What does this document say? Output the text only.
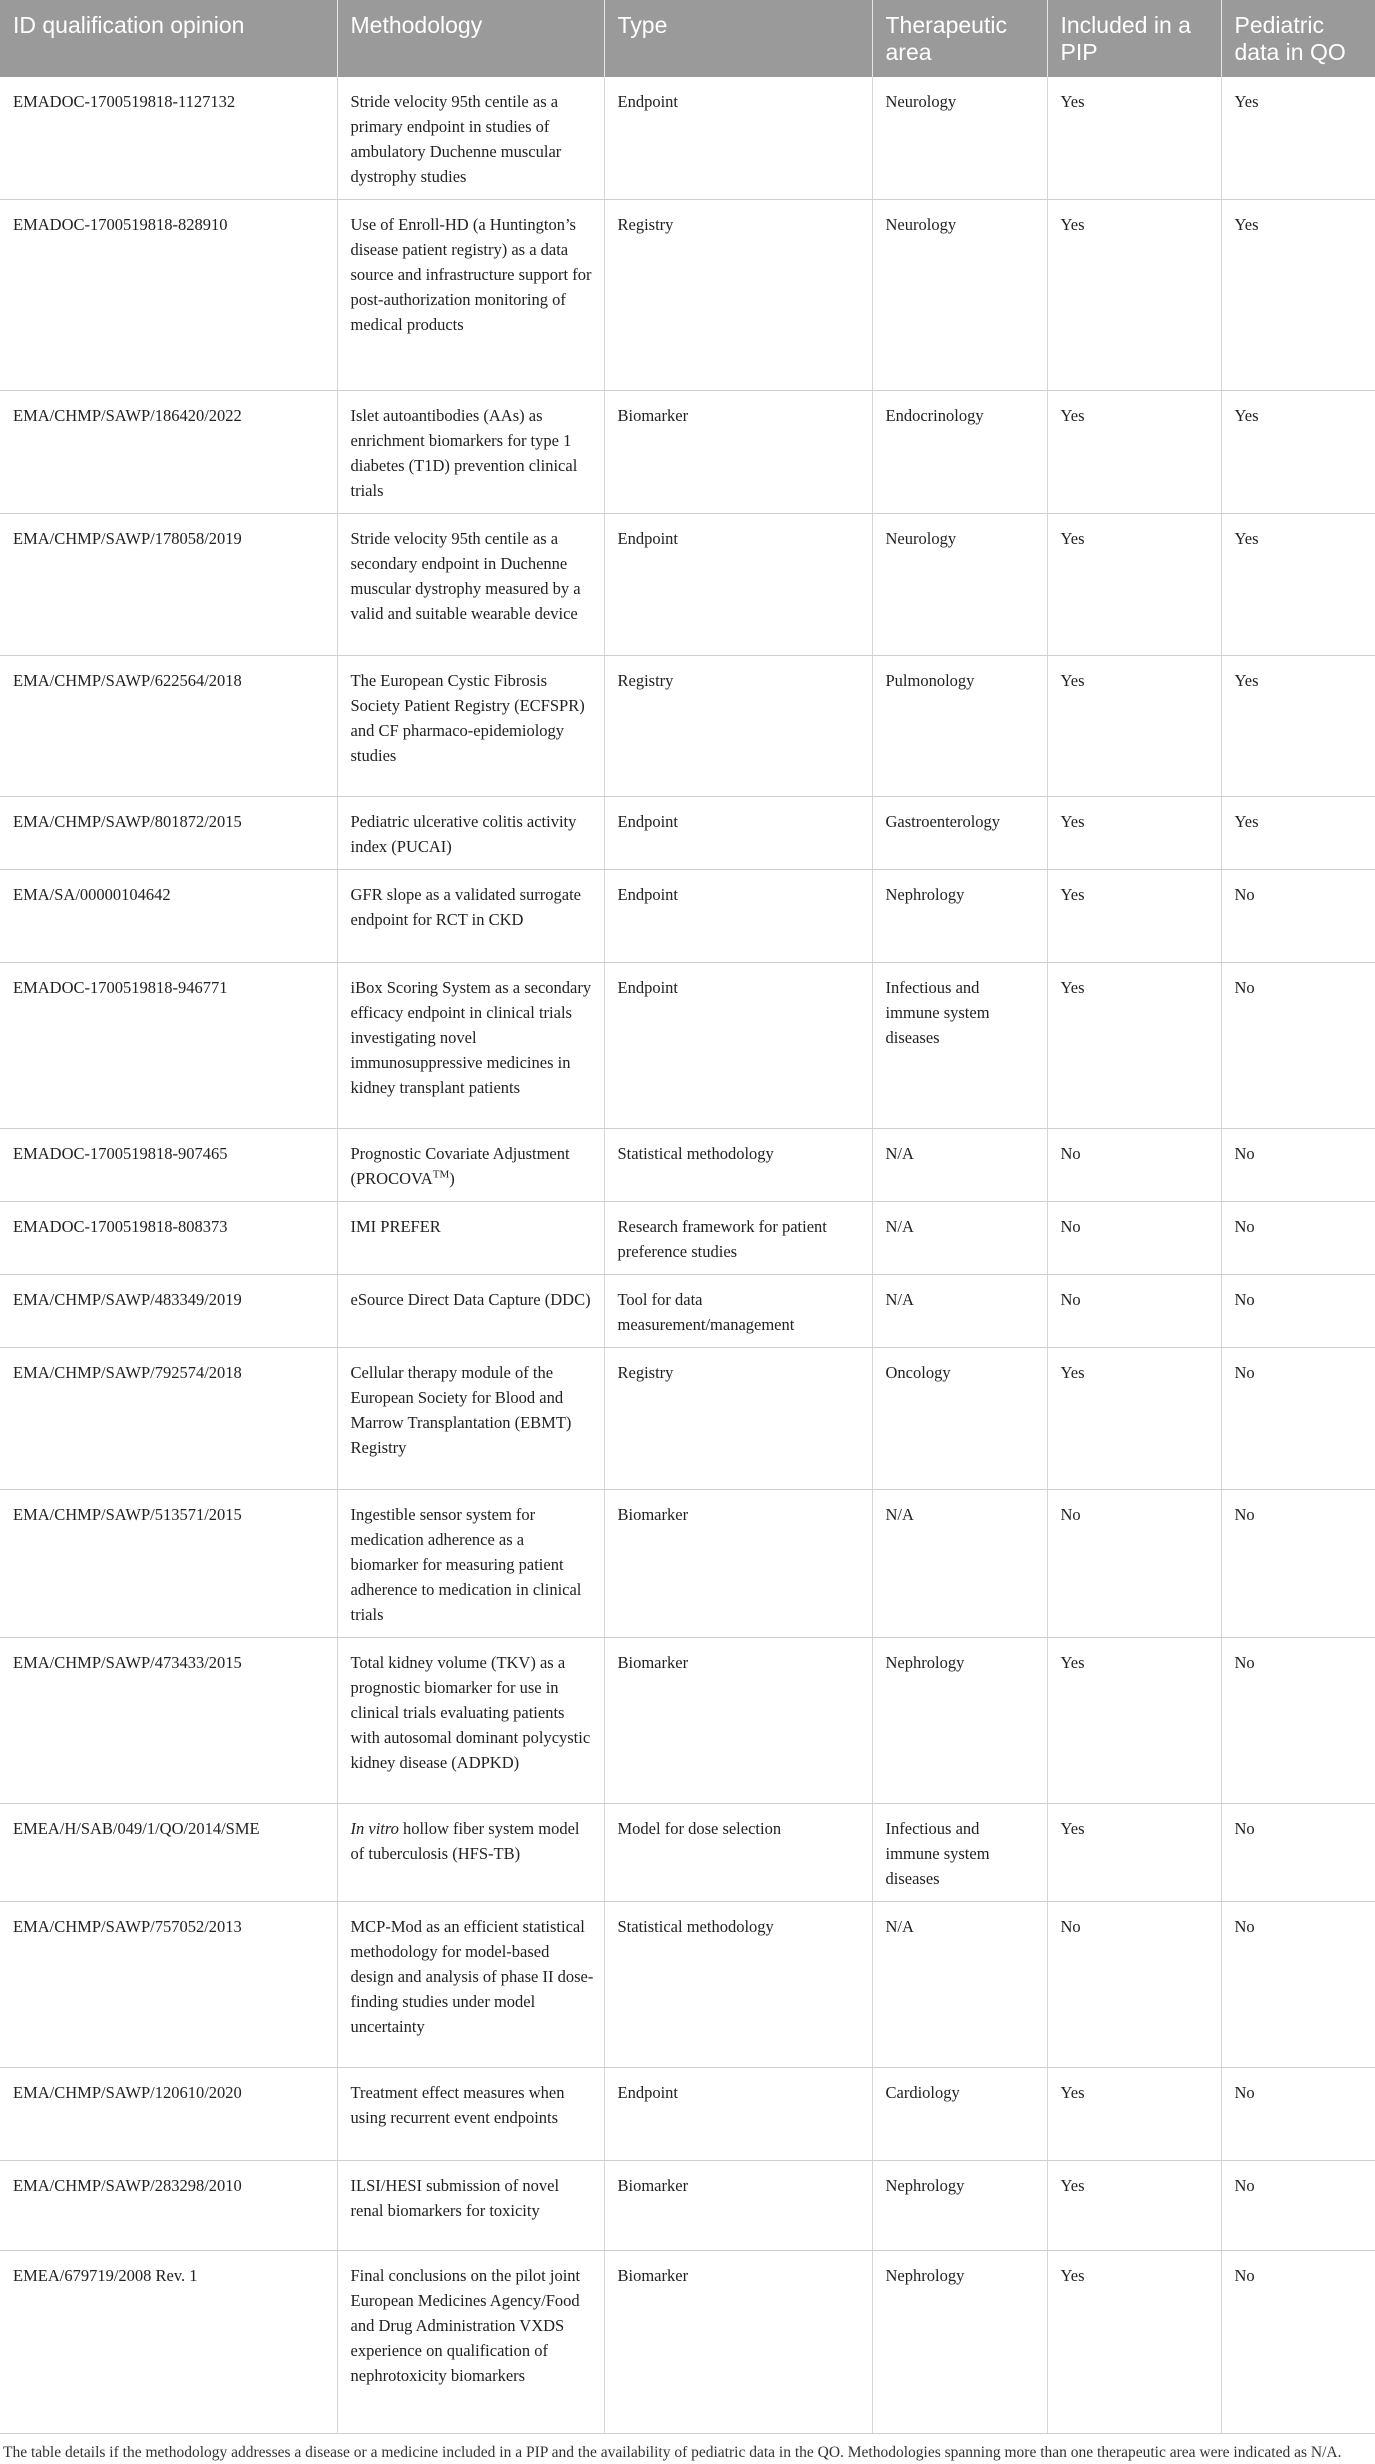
ID qualification opinion	Methodology	Type	Therapeutic area	Included in a PIP	Pediatric data in QO
EMADOC-1700519818-1127132	Stride velocity 95th centile as a primary endpoint in studies of ambulatory Duchenne muscular dystrophy studies	Endpoint	Neurology	Yes	Yes
EMADOC-1700519818-828910	Use of Enroll-HD (a Huntington’s disease patient registry) as a data source and infrastructure support for post-authorization monitoring of medical products	Registry	Neurology	Yes	Yes
EMA/CHMP/SAWP/186420/2022	Islet autoantibodies (AAs) as enrichment biomarkers for type 1 diabetes (T1D) prevention clinical trials	Biomarker	Endocrinology	Yes	Yes
EMA/CHMP/SAWP/178058/2019	Stride velocity 95th centile as a secondary endpoint in Duchenne muscular dystrophy measured by a valid and suitable wearable device	Endpoint	Neurology	Yes	Yes
EMA/CHMP/SAWP/622564/2018	The European Cystic Fibrosis Society Patient Registry (ECFSPR) and CF pharmaco-epidemiology studies	Registry	Pulmonology	Yes	Yes
EMA/CHMP/SAWP/801872/2015	Pediatric ulcerative colitis activity index (PUCAI)	Endpoint	Gastroenterology	Yes	Yes
EMA/SA/00000104642	GFR slope as a validated surrogate endpoint for RCT in CKD	Endpoint	Nephrology	Yes	No
EMADOC-1700519818-946771	iBox Scoring System as a secondary efficacy endpoint in clinical trials investigating novel immunosuppressive medicines in kidney transplant patients	Endpoint	Infectious and immune system diseases	Yes	No
EMADOC-1700519818-907465	Prognostic Covariate Adjustment (PROCOVA™)	Statistical methodology	N/A	No	No
EMADOC-1700519818-808373	IMI PREFER	Research framework for patient preference studies	N/A	No	No
EMA/CHMP/SAWP/483349/2019	eSource Direct Data Capture (DDC)	Tool for data measurement/management	N/A	No	No
EMA/CHMP/SAWP/792574/2018	Cellular therapy module of the European Society for Blood and Marrow Transplantation (EBMT) Registry	Registry	Oncology	Yes	No
EMA/CHMP/SAWP/513571/2015	Ingestible sensor system for medication adherence as a biomarker for measuring patient adherence to medication in clinical trials	Biomarker	N/A	No	No
EMA/CHMP/SAWP/473433/2015	Total kidney volume (TKV) as a prognostic biomarker for use in clinical trials evaluating patients with autosomal dominant polycystic kidney disease (ADPKD)	Biomarker	Nephrology	Yes	No
EMEA/H/SAB/049/1/QO/2014/SME	In vitro hollow fiber system model of tuberculosis (HFS-TB)	Model for dose selection	Infectious and immune system diseases	Yes	No
EMA/CHMP/SAWP/757052/2013	MCP-Mod as an efficient statistical methodology for model-based design and analysis of phase II dose-finding studies under model uncertainty	Statistical methodology	N/A	No	No
EMA/CHMP/SAWP/120610/2020	Treatment effect measures when using recurrent event endpoints	Endpoint	Cardiology	Yes	No
EMA/CHMP/SAWP/283298/2010	ILSI/HESI submission of novel renal biomarkers for toxicity	Biomarker	Nephrology	Yes	No
EMEA/679719/2008 Rev. 1	Final conclusions on the pilot joint European Medicines Agency/Food and Drug Administration VXDS experience on qualification of nephrotoxicity biomarkers	Biomarker	Nephrology	Yes	No
The table details if the methodology addresses a disease or a medicine included in a PIP and the availability of pediatric data in the QO. Methodologies spanning more than one therapeutic area were indicated as N/A.
